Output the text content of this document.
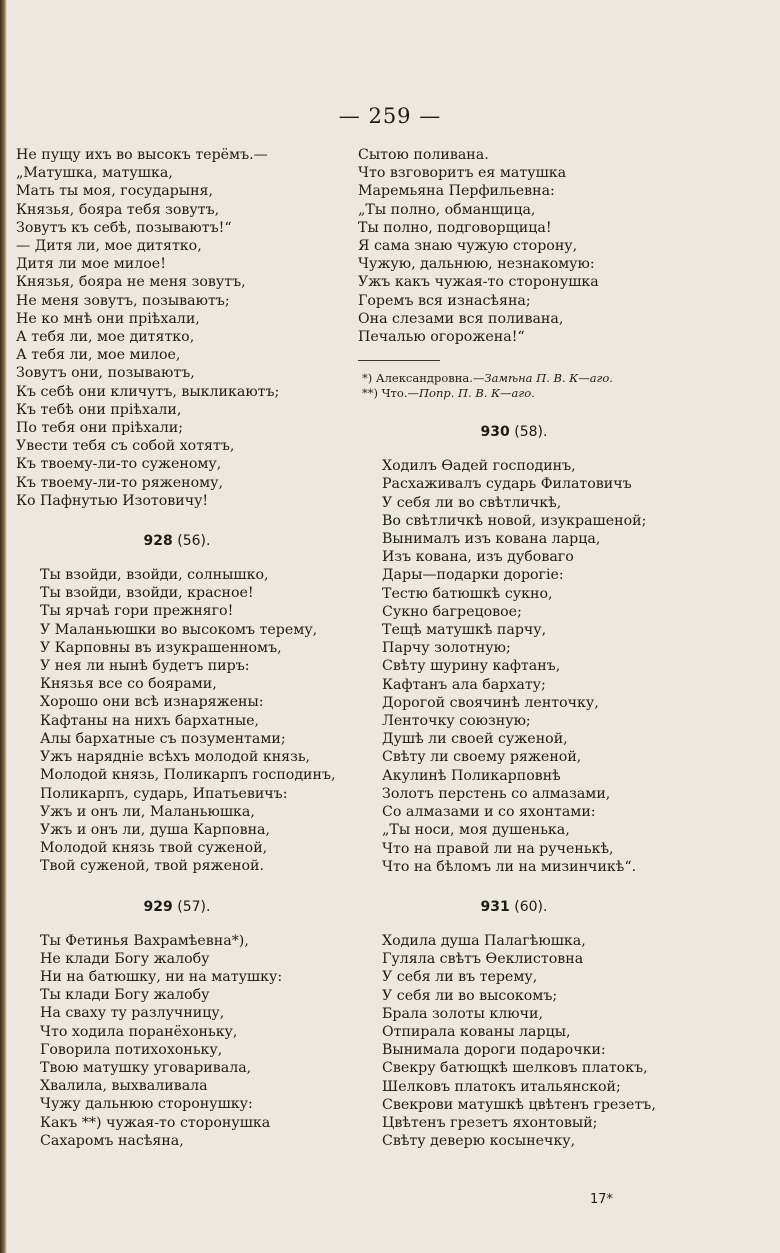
— 259 —
Не пущу ихъ во высокъ терёмъ.—
„Матушка, матушка,
Мать ты моя, государыня,
Князья, бояра тебя зовутъ,
Зовутъ къ себѣ, позываютъ!“
— Дитя ли, мое дитятко,
Дитя ли мое милое!
Князья, бояра не меня зовутъ,
Не меня зовутъ, позываютъ;
Не ко мнѣ они пріѣхали,
А тебя ли, мое дитятко,
А тебя ли, мое милое,
Зовутъ они, позываютъ,
Къ себѣ они кличутъ, выкликаютъ;
Къ тебѣ они пріѣхали,
По тебя они пріѣхали;
Увести тебя съ собой хотятъ,
Къ твоему-ли-то суженому,
Къ твоему-ли-то ряженому,
Ко Пафнутью Изотовичу!
928 (56).
Ты взойди, взойди, солнышко,
Ты взойди, взойди, красное!
Ты ярчаѣ гори прежняго!
У Маланьюшки во высокомъ терему,
У Карповны въ изукрашенномъ,
У нея ли нынѣ будетъ пиръ:
Князья все со боярами,
Хорошо они всѣ изнаряжены:
Кафтаны на нихъ бархатные,
Алы бархатные съ позументами;
Ужъ нарядніе всѣхъ молодой князь,
Молодой князь, Поликарпъ господинъ,
Поликарпъ, сударь, Ипатьевичъ:
Ужъ и онъ ли, Маланьюшка,
Ужъ и онъ ли, душа Карповна,
Молодой князь твой суженой,
Твой суженой, твой ряженой.
929 (57).
Ты Фетинья Вахрамѣевна*),
Не клади Богу жалобу
Ни на батюшку, ни на матушку:
Ты клади Богу жалобу
На сваху ту разлучницу,
Что ходила поранёхоньку,
Говорила потихохоньку,
Твою матушку уговаривала,
Хвалила, выхваливала
Чужу дальнюю сторонушку:
Какъ **) чужая-то сторонушка
Сахаромъ насѣяна,
Сытою поливана.
Что взговоритъ ея матушка
Маремьяна Перфильевна:
„Ты полно, обманщица,
Ты полно, подговорщица!
Я сама знаю чужую сторону,
Чужую, дальнюю, незнакомую:
Ужъ какъ чужая-то сторонушка
Горемъ вся изнасѣяна;
Она слезами вся поливана,
Печалью огорожена!“
*) Александровна.—Замѣна П. В. К—аго.
**) Что.—Попр. П. В. К—аго.
930 (58).
Ходилъ Ѳадей господинъ,
Расхаживалъ сударь Филатовичъ
У себя ли во свѣтличкѣ,
Во свѣтличкѣ новой, изукрашеной;
Вынималъ изъ кована ларца,
Изъ кована, изъ дубоваго
Дары—подарки дорогіе:
Тестю батюшкѣ сукно,
Сукно багрецовое;
Тещѣ матушкѣ парчу,
Парчу золотную;
Свѣту шурину кафтанъ,
Кафтанъ ала бархату;
Дорогой своячинѣ ленточку,
Ленточку союзную;
Душѣ ли своей суженой,
Свѣту ли своему ряженой,
Акулинѣ Поликарповнѣ
Золотъ перстень со алмазами,
Со алмазами и со яхонтами:
„Ты носи, моя душенька,
Что на правой ли на рученькѣ,
Что на бѣломъ ли на мизинчикѣ“.
931 (60).
Ходила душа Палагѣюшка,
Гуляла свѣтъ Ѳеклистовна
У себя ли въ терему,
У себя ли во высокомъ;
Брала золоты ключи,
Отпирала кованы ларцы,
Вынимала дороги подарочки:
Свекру батющкѣ шелковъ платокъ,
Шелковъ платокъ итальянской;
Свекрови матушкѣ цвѣтенъ грезетъ,
Цвѣтенъ грезетъ яхонтовый;
Свѣту деверю косынечку,
17*
